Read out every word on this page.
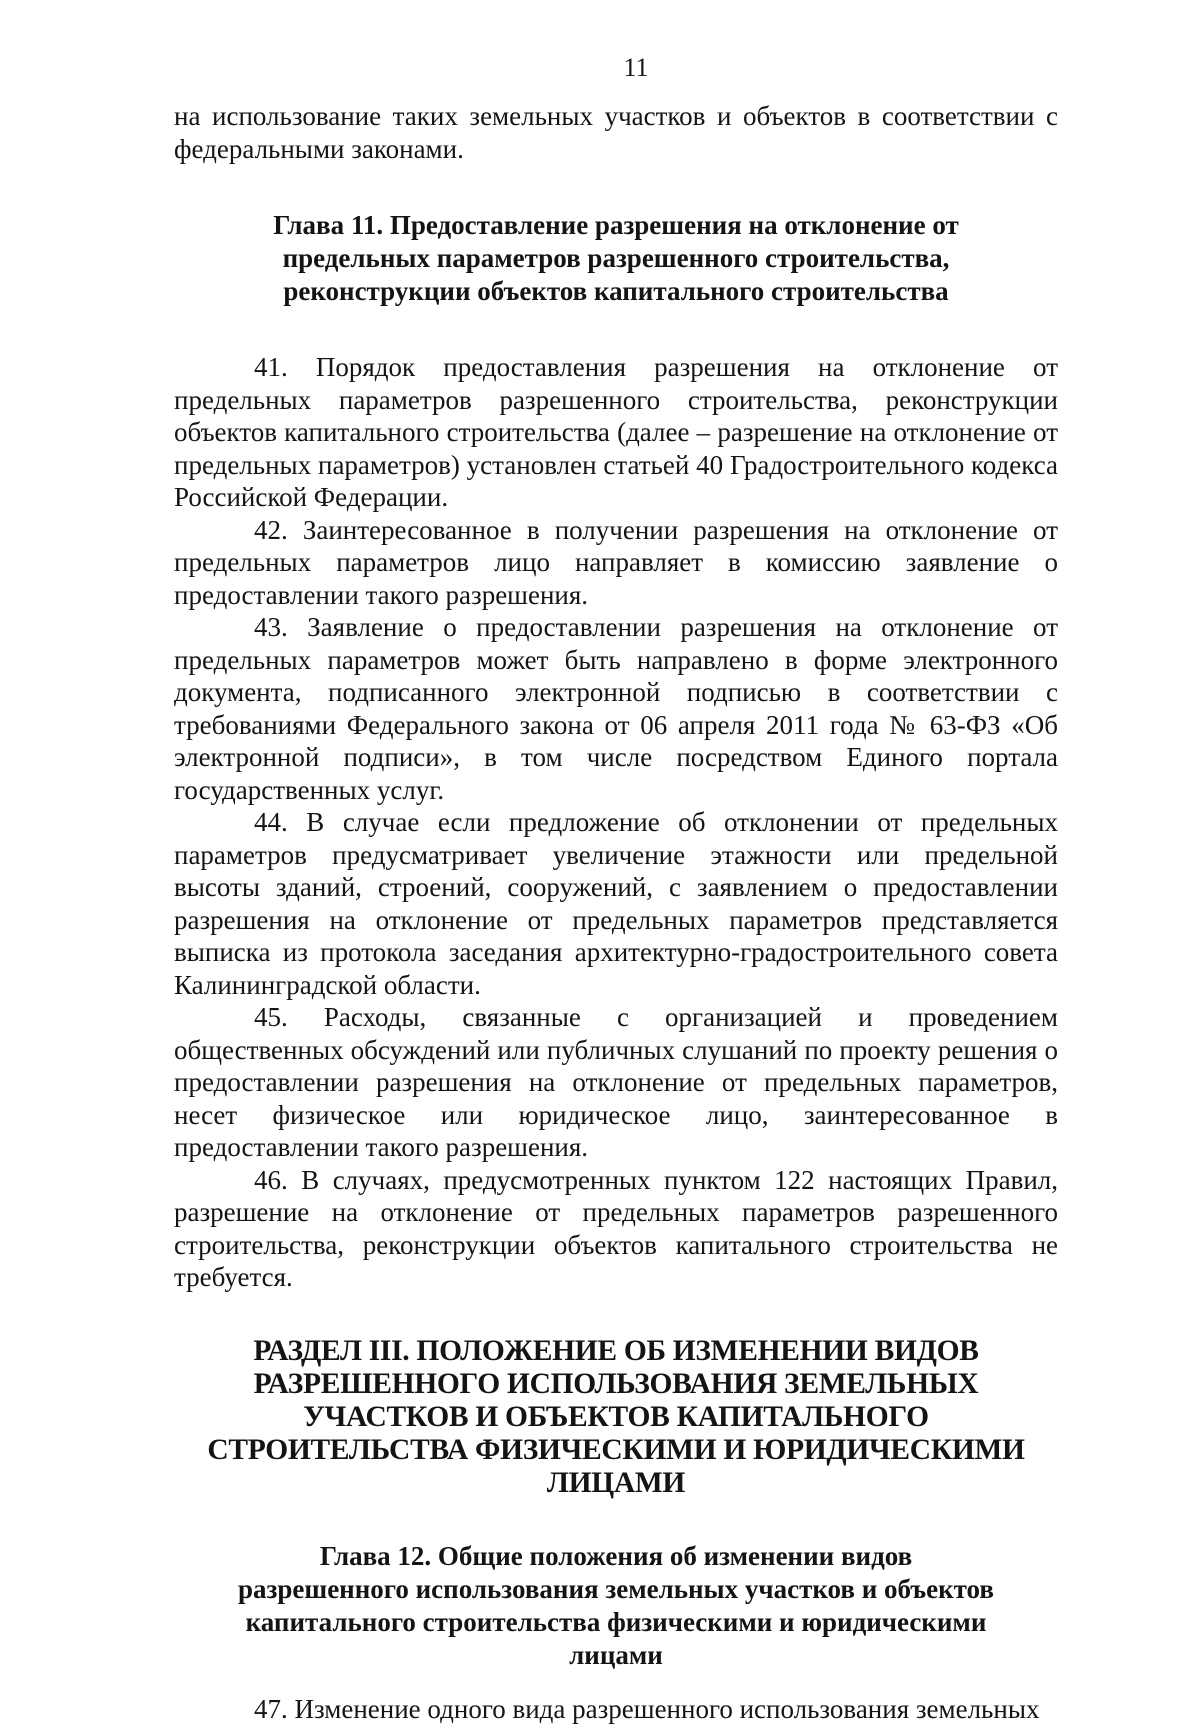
11

на использование таких земельных участков и объектов в соответствии с федеральными законами.

Глава 11. Предоставление разрешения на отклонение от предельных параметров разрешенного строительства, реконструкции объектов капитального строительства

41. Порядок предоставления разрешения на отклонение от предельных параметров разрешенного строительства, реконструкции объектов капитального строительства (далее – разрешение на отклонение от предельных параметров) установлен статьей 40 Градостроительного кодекса Российской Федерации.

42. Заинтересованное в получении разрешения на отклонение от предельных параметров лицо направляет в комиссию заявление о предоставлении такого разрешения.

43. Заявление о предоставлении разрешения на отклонение от предельных параметров может быть направлено в форме электронного документа, подписанного электронной подписью в соответствии с требованиями Федерального закона от 06 апреля 2011 года № 63-ФЗ «Об электронной подписи», в том числе посредством Единого портала государственных услуг.

44. В случае если предложение об отклонении от предельных параметров предусматривает увеличение этажности или предельной высоты зданий, строений, сооружений, с заявлением о предоставлении разрешения на отклонение от предельных параметров представляется выписка из протокола заседания архитектурно-градостроительного совета Калининградской области.

45. Расходы, связанные с организацией и проведением общественных обсуждений или публичных слушаний по проекту решения о предоставлении разрешения на отклонение от предельных параметров, несет физическое или юридическое лицо, заинтересованное в предоставлении такого разрешения.

46. В случаях, предусмотренных пунктом 122 настоящих Правил, разрешение на отклонение от предельных параметров разрешенного строительства, реконструкции объектов капитального строительства не требуется.

РАЗДЕЛ III. ПОЛОЖЕНИЕ ОБ ИЗМЕНЕНИИ ВИДОВ РАЗРЕШЕННОГО ИСПОЛЬЗОВАНИЯ ЗЕМЕЛЬНЫХ УЧАСТКОВ И ОБЪЕКТОВ КАПИТАЛЬНОГО СТРОИТЕЛЬСТВА ФИЗИЧЕСКИМИ И ЮРИДИЧЕСКИМИ ЛИЦАМИ
Глава 12. Общие положения об изменении видов разрешенного использования земельных участков и объектов капитального строительства физическими и юридическими лицами

47. Изменение одного вида разрешенного использования земельных
